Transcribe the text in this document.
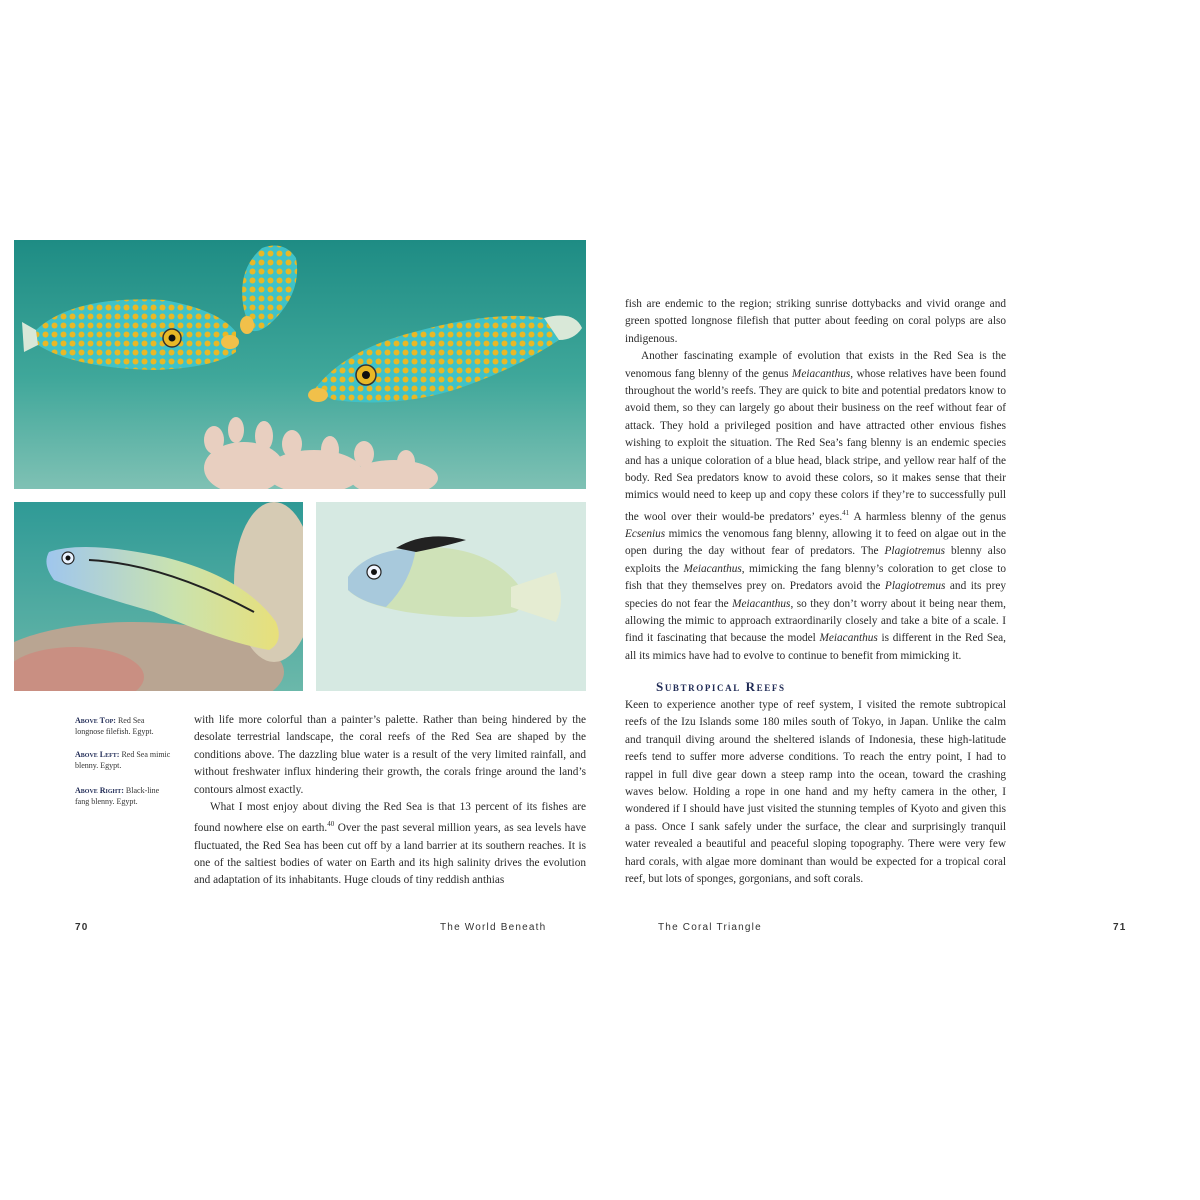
Above Top: Red Sea longnose filefish. Egypt.
Above Left: Red Sea mimic blenny. Egypt.
Above Right: Black-line fang blenny. Egypt.

with life more colorful than a painter’s palette. Rather than being hindered by the desolate terrestrial landscape, the coral reefs of the Red Sea are shaped by the conditions above. The dazzling blue water is a result of the very limited rainfall, and without freshwater influx hindering their growth, the corals fringe around the land’s contours almost exactly.

What I most enjoy about diving the Red Sea is that 13 percent of its fishes are found nowhere else on earth.$^{40}$ Over the past several million years, as sea levels have fluctuated, the Red Sea has been cut off by a land barrier at its southern reaches. It is one of the saltiest bodies of water on Earth and its high salinity drives the evolution and adaptation of its inhabitants. Huge clouds of tiny reddish anthias

fish are endemic to the region; striking sunrise dottybacks and vivid orange and green spotted longnose filefish that putter about feeding on coral polyps are also indigenous.

Another fascinating example of evolution that exists in the Red Sea is the venomous fang blenny of the genus Meiacanthus, whose relatives have been found throughout the world’s reefs. They are quick to bite and potential predators know to avoid them, so they can largely go about their business on the reef without fear of attack. They hold a privileged position and have attracted other envious fishes wishing to exploit the situation. The Red Sea’s fang blenny is an endemic species and has a unique coloration of a blue head, black stripe, and yellow rear half of the body. Red Sea predators know to avoid these colors, so it makes sense that their mimics would need to keep up and copy these colors if they’re to successfully pull the wool over their would-be predators’ eyes.$^{41}$ A harmless blenny of the genus Ecsenius mimics the venomous fang blenny, allowing it to feed on algae out in the open during the day without fear of predators. The Plagiotremus blenny also exploits the Meiacanthus, mimicking the fang blenny’s coloration to get close to fish that they themselves prey on. Predators avoid the Plagiotremus and its prey species do not fear the Meiacanthus, so they don’t worry about it being near them, allowing the mimic to approach extraordinarily closely and take a bite of a scale. I find it fascinating that because the model Meiacanthus is different in the Red Sea, all its mimics have had to evolve to continue to benefit from mimicking it.

Subtropical Reefs

Keen to experience another type of reef system, I visited the remote subtropical reefs of the Izu Islands some 180 miles south of Tokyo, in Japan. Unlike the calm and tranquil diving around the sheltered islands of Indonesia, these high-latitude reefs tend to suffer more adverse conditions. To reach the entry point, I had to rappel in full dive gear down a steep ramp into the ocean, toward the crashing waves below. Holding a rope in one hand and my hefty camera in the other, I wondered if I should have just visited the stunning temples of Kyoto and given this a pass. Once I sank safely under the surface, the clear and surprisingly tranquil water revealed a beautiful and peaceful sloping topography. There were very few hard corals, with algae more dominant than would be expected for a tropical coral reef, but lots of sponges, gorgonians, and soft corals.

70	The World Beneath	The Coral Triangle	71
